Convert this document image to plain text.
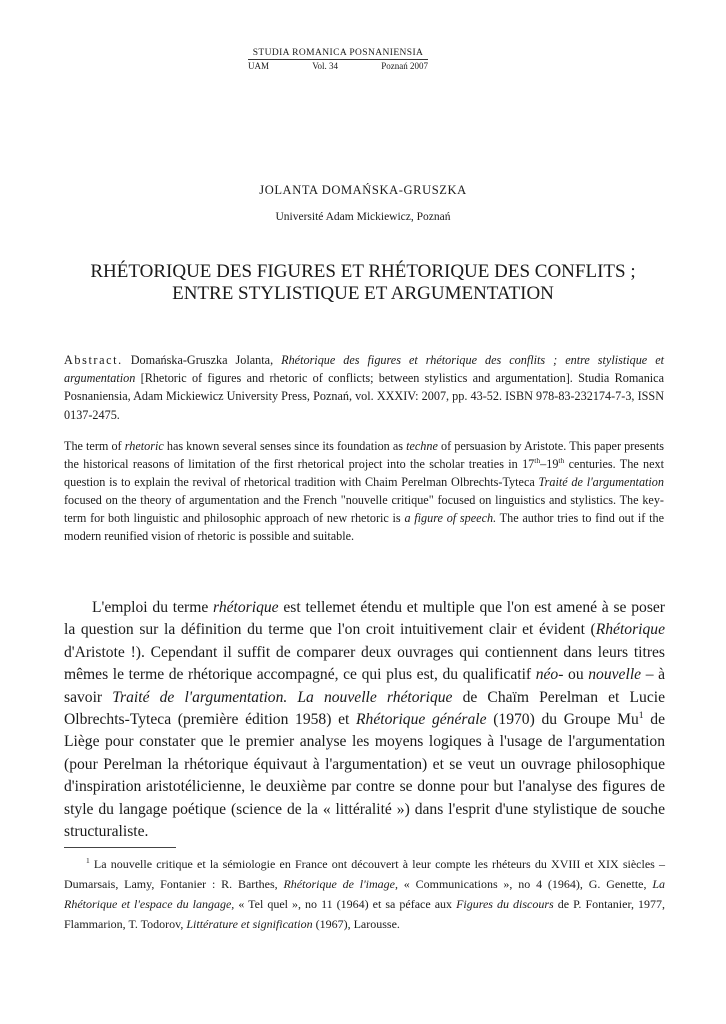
STUDIA ROMANICA POSNANIENSIA
UAM	Vol. 34	Poznań 2007
JOLANTA DOMAŃSKA-GRUSZKA
Université Adam Mickiewicz, Poznań
RHÉTORIQUE DES FIGURES ET RHÉTORIQUE DES CONFLITS ;
ENTRE STYLISTIQUE ET ARGUMENTATION

Abstract. Domańska-Gruszka Jolanta, Rhétorique des figures et rhétorique des conflits ; entre stylistique et argumentation [Rhetoric of figures and rhetoric of conflicts; between stylistics and argumentation]. Studia Romanica Posnaniensia, Adam Mickiewicz University Press, Poznań, vol. XXXIV: 2007, pp. 43-52. ISBN 978-83-232174-7-3, ISSN 0137-2475.

The term of rhetoric has known several senses since its foundation as techne of persuasion by Aristote. This paper presents the historical reasons of limitation of the first rhetorical project into the scholar treaties in 17th–19th centuries. The next question is to explain the revival of rhetorical tradition with Chaim Perelman Olbrechts-Tyteca Traité de l'argumentation focused on the theory of argumentation and the French "nouvelle critique" focused on linguistics and stylistics. The key-term for both linguistic and philosophic approach of new rhetoric is a figure of speech. The author tries to find out if the modern reunified vision of rhetoric is possible and suitable.

L'emploi du terme rhétorique est tellemet étendu et multiple que l'on est amené à se poser la question sur la définition du terme que l'on croit intuitivement clair et évident (Rhétorique d'Aristote !). Cependant il suffit de comparer deux ouvrages qui contiennent dans leurs titres mêmes le terme de rhétorique accompagné, ce qui plus est, du qualificatif néo- ou nouvelle – à savoir Traité de l'argumentation. La nouvelle rhétorique de Chaïm Perelman et Lucie Olbrechts-Tyteca (première édition 1958) et Rhétorique générale (1970) du Groupe Mu$^1$ de Liège pour constater que le premier analyse les moyens logiques à l'usage de l'argumentation (pour Perelman la rhétorique équivaut à l'argumentation) et se veut un ouvrage philosophique d'inspiration aristotélicienne, le deuxième par contre se donne pour but l'analyse des figures de style du langage poétique (science de la « littéralité ») dans l'esprit d'une stylistique de souche structuraliste.

$^1$ La nouvelle critique et la sémiologie en France ont découvert à leur compte les rhéteurs du XVIII et XIX siècles – Dumarsais, Lamy, Fontanier : R. Barthes, Rhétorique de l'image, « Communications », no 4 (1964), G. Genette, La Rhétorique et l'espace du langage, « Tel quel », no 11 (1964) et sa péface aux Figures du discours de P. Fontanier, 1977, Flammarion, T. Todorov, Littérature et signification (1967), Larousse.
